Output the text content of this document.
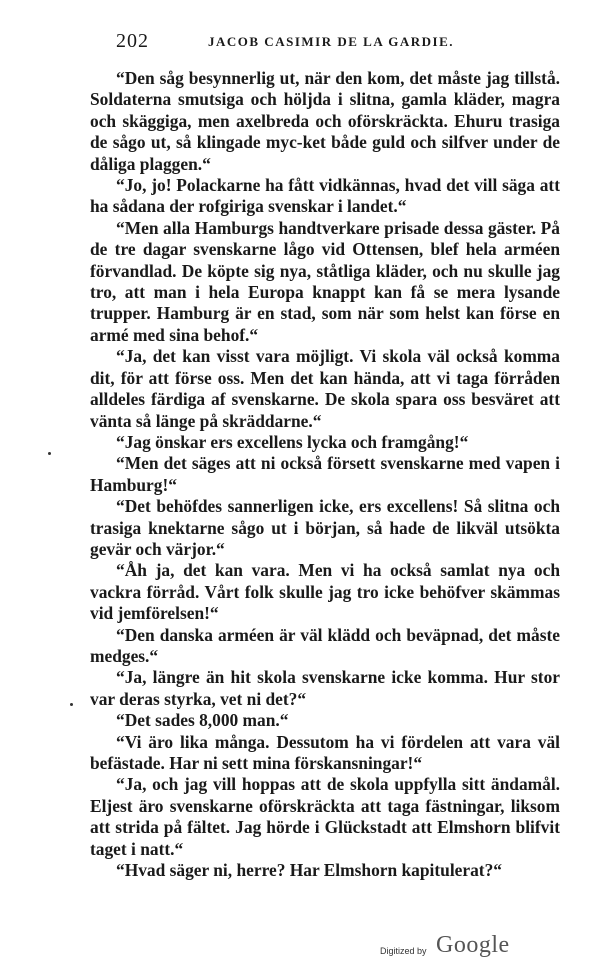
202	JACOB CASIMIR DE LA GARDIE.

“Den såg besynnerlig ut, när den kom, det måste jag tillstå. Soldaterna smutsiga och höljda i slitna, gamla kläder, magra och skäggiga, men axelbreda och oförskräckta. Ehuru trasiga de sågo ut, så klingade myc-ket både guld och silfver under de dåliga plaggen.“

“Jo, jo! Polackarne ha fått vidkännas, hvad det vill säga att ha sådana der rofgiriga svenskar i landet.“

“Men alla Hamburgs handtverkare prisade dessa gäster. På de tre dagar svenskarne lågo vid Ottensen, blef hela arméen förvandlad. De köpte sig nya, ståtliga kläder, och nu skulle jag tro, att man i hela Europa knappt kan få se mera lysande trupper. Hamburg är en stad, som när som helst kan förse en armé med sina behof.“

“Ja, det kan visst vara möjligt. Vi skola väl också komma dit, för att förse oss. Men det kan hända, att vi taga förråden alldeles färdiga af svenskarne. De skola spara oss besväret att vänta så länge på skräddarne.“

“Jag önskar ers excellens lycka och framgång!“

“Men det säges att ni också försett svenskarne med vapen i Hamburg!“

“Det behöfdes sannerligen icke, ers excellens! Så slitna och trasiga knektarne sågo ut i början, så hade de likväl utsökta gevär och värjor.“

“Åh ja, det kan vara. Men vi ha också samlat nya och vackra förråd. Vårt folk skulle jag tro icke behöfver skämmas vid jemförelsen!“

“Den danska arméen är väl klädd och beväpnad, det måste medges.“

“Ja, längre än hit skola svenskarne icke komma. Hur stor var deras styrka, vet ni det?“

“Det sades 8,000 man.“

“Vi äro lika många. Dessutom ha vi fördelen att vara väl befästade. Har ni sett mina förskansningar!“

“Ja, och jag vill hoppas att de skola uppfylla sitt ändamål. Eljest äro svenskarne oförskräckta att taga fästningar, liksom att strida på fältet. Jag hörde i Glückstadt att Elmshorn blifvit taget i natt.“

“Hvad säger ni, herre? Har Elmshorn kapitulerat?“

Digitized by Google
